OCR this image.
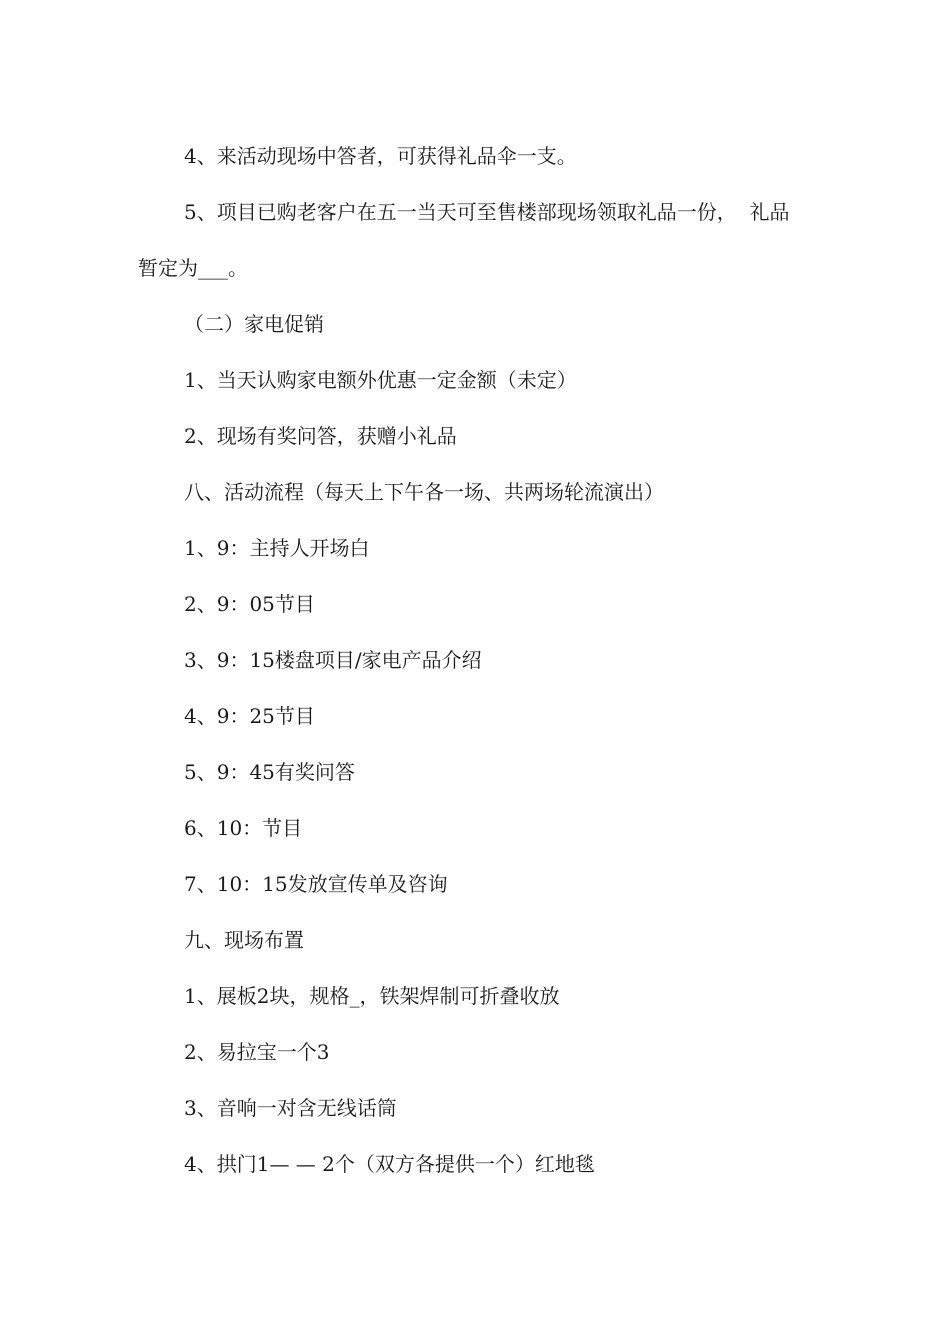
4、来活动现场中答者，可获得礼品伞一支。
5、项目已购老客户在五一当天可至售楼部现场领取礼品一份，  礼品
暂定为___。
（二）家电促销
1、当天认购家电额外优惠一定金额（未定）
2、现场有奖问答，获赠小礼品
八、活动流程（每天上下午各一场、共两场轮流演出）
1、9：主持人开场白
2、9：05节目
3、9：15楼盘项目/家电产品介绍
4、9：25节目
5、9：45有奖问答
6、10：节目
7、10：15发放宣传单及咨询
九、现场布置
1、展板2块，规格_，铁架焊制可折叠收放
2、易拉宝一个3
3、音响一对含无线话筒
4、拱门1— — 2个（双方各提供一个）红地毯
